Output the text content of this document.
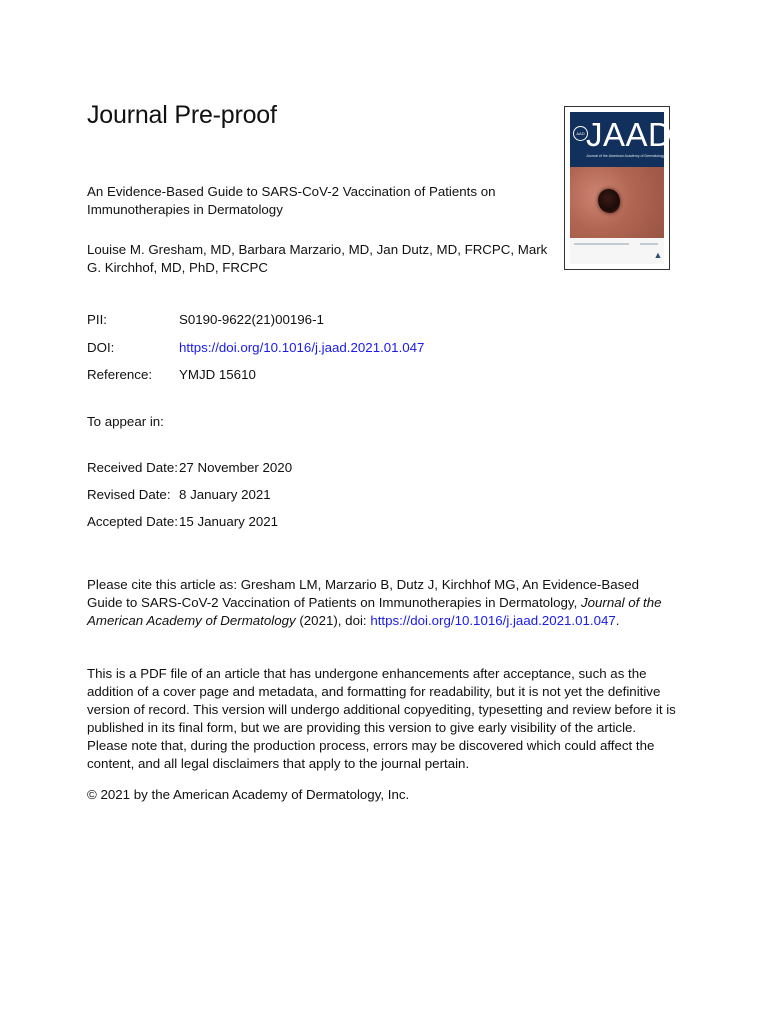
Journal Pre-proof
AAD JAAD
Journal of the American Academy of Dermatology
▲

An Evidence-Based Guide to SARS-CoV-2 Vaccination of Patients on Immunotherapies in Dermatology

Louise M. Gresham, MD, Barbara Marzario, MD, Jan Dutz, MD, FRCPC, Mark G. Kirchhof, MD, PhD, FRCPC

PII:	S0190-9622(21)00196-1
DOI:	https://doi.org/10.1016/j.jaad.2021.01.047
Reference: YMJD 15610
To appear in:
Received Date:27 November 2020
Revised Date: 8 January 2021
Accepted Date:15 January 2021

Please cite this article as: Gresham LM, Marzario B, Dutz J, Kirchhof MG, An Evidence-Based Guide to SARS-CoV-2 Vaccination of Patients on Immunotherapies in Dermatology, Journal of the American Academy of Dermatology (2021), doi: https://doi.org/10.1016/j.jaad.2021.01.047.

This is a PDF file of an article that has undergone enhancements after acceptance, such as the addition of a cover page and metadata, and formatting for readability, but it is not yet the definitive version of record. This version will undergo additional copyediting, typesetting and review before it is published in its final form, but we are providing this version to give early visibility of the article. Please note that, during the production process, errors may be discovered which could affect the content, and all legal disclaimers that apply to the journal pertain.

© 2021 by the American Academy of Dermatology, Inc.
